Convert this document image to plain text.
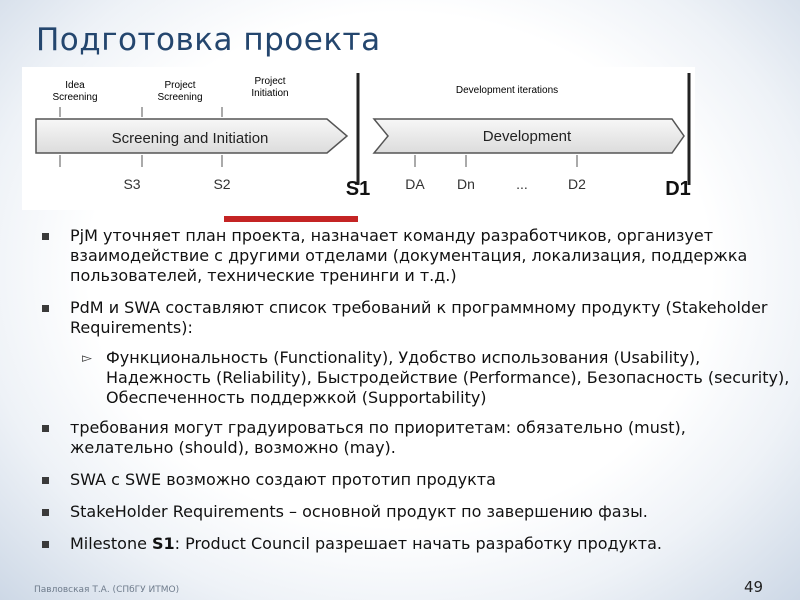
Подготовка проекта
Idea
Screening
Project
Screening
Project
Initiation	Development iterations
Screening and Initiation	Development
S3	S2	S1	DA Dn	...	D2	D1
PjM уточняет план проекта, назначает команду разработчиков, организует взаимодействие с другими отделами (документация, локализация, поддержка пользователей, технические тренинги и т.д.)
PdM и SWA составляют список требований к программному продукту (Stakeholder Requirements):
▻ Функциональность (Functionality), Удобство использования (Usability), Надежность (Reliability), Быстродействие (Performance), Безопасность (security), Обеспеченность поддержкой (Supportability)
требования могут градуироваться по приоритетам: обязательно (must), желательно (should), возможно (may).
SWA с SWE возможно создают прототип продукта
StakeHolder Requirements – основной продукт по завершению фазы.
Milestone S1: Product Council разрешает начать разработку продукта.
Павловская Т.А. (СПбГУ ИТМО)	49
